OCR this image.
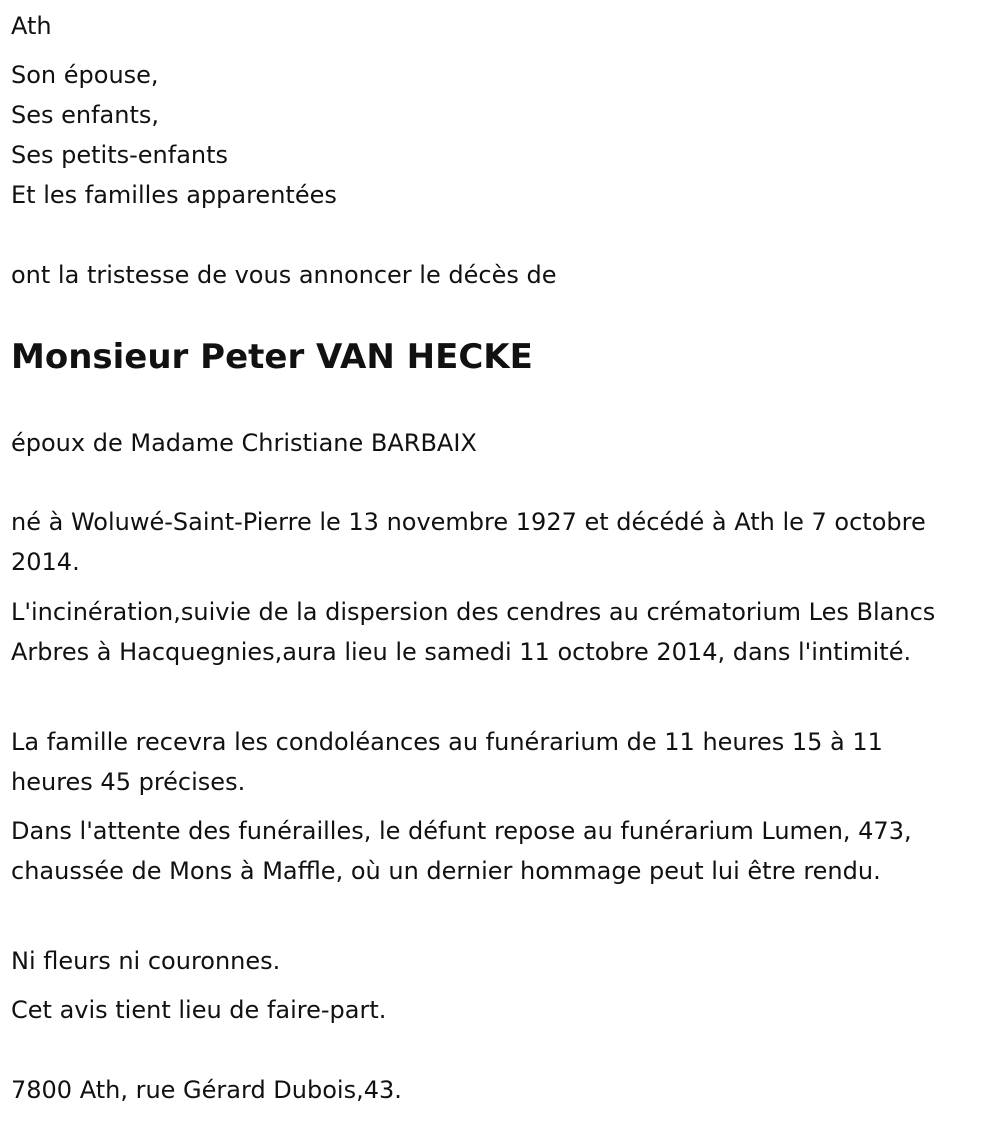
Ath
Son épouse,
Ses enfants,
Ses petits-enfants
Et les familles apparentées
ont la tristesse de vous annoncer le décès de
Monsieur Peter VAN HECKE
époux de Madame Christiane BARBAIX

né à Woluwé-Saint-Pierre le 13 novembre 1927 et décédé à Ath le 7 octobre 2014.

L'incinération,suivie de la dispersion des cendres au crématorium Les Blancs Arbres à Hacquegnies,aura lieu le samedi 11 octobre 2014, dans l'intimité.

La famille recevra les condoléances au funérarium de 11 heures 15 à 11 heures 45 précises.

Dans l'attente des funérailles, le défunt repose au funérarium Lumen, 473, chaussée de Mons à Maffle, où un dernier hommage peut lui être rendu.

Ni fleurs ni couronnes.
Cet avis tient lieu de faire-part.
7800 Ath, rue Gérard Dubois,43.
